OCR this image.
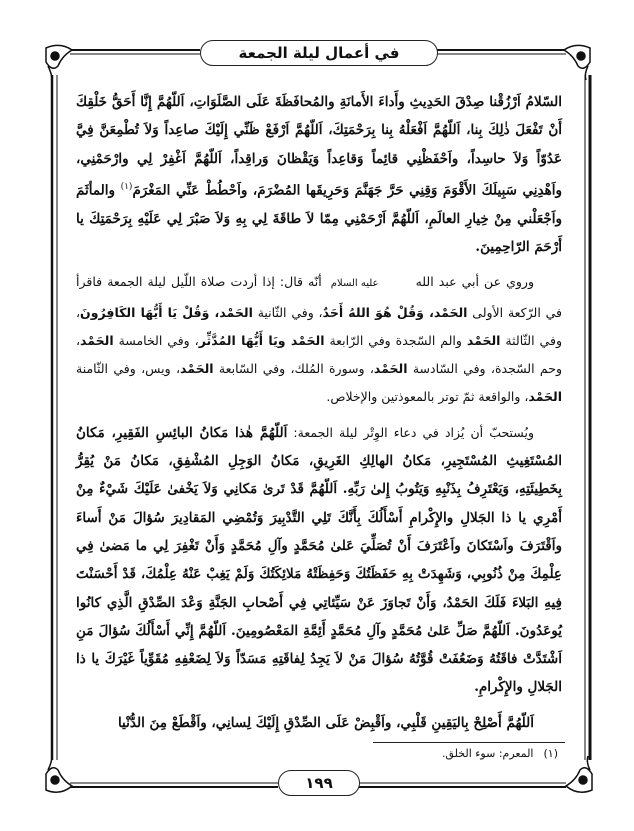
في أعمال ليلة الجمعة

السّلامُ اَرْزُقْنا صِدْقَ الحَدِيثِ وأَداءَ الأَمانَةِ والمُحافَظَةَ عَلَى الصَّلَوَاتِ، اَللّهُمَّ إِنَّا أَحَقُّ خَلْقِكَ أَنْ تَفْعَلَ ذٰلِكَ بِنا، اَللّهُمَّ اَفْعَلْهُ بِنا بِرَحْمَتِكَ، اَللّهُمَّ اَرْفَعْ ظَنِّي إِلَيْكَ صاعِداً وَلاَ تُطْمِعَنَّ فِيَّ عَدُوّاً وَلاَ حاسِداً، واَحْفَظْنِي قائِماً وَقاعِداً وَيَقْظانَ وَراقِداً، اَللّهُمَّ اَغْفِرْ لِي وارْحَمْنِي، واَهْدِنِي سَبِيلَكَ الأَقْوَمَ وَقِنِي حَرَّ جَهَنَّمَ وَحَرِيقَها المُضْرَمَ، واَحْطُطْ عَنِّي المَغْرَمَ$^{(١)}$ والمأثَمَ واَجْعَلْني مِنْ خِيارِ العالَمِ، اَللّهُمَّ اَرْحَمْنِي مِمّا لاَ طاقَةَ لِي بِهِ وَلاَ صَبْرَ لِي عَلَيْهِ بِرَحْمَتِكَ يا أَرْحَمَ الرّاحِمِينَ.

وروي عن أبي عبد الله عليه السلام أنّه قال: إذا أردت صلاة اللّيل ليلة الجمعة فاقرأ في الرّكعة الأولى الحَمْد، وَقُلْ هُوَ اللهُ أَحَدٌ، وفي الثّانية الحَمْد، وَقُلْ يَا أَيُّهَا الكَافِرُونَ، وفي الثّالثة الحَمْد والم السّجدة وفي الرّابعة الحَمْد ويَا أَيُّهَا المُدَّثِّر، وفي الخامسة الحَمْد، وحم السّجدة، وفي السّادسة الحَمْد، وسورة المُلك، وفي السّابعة الحَمْد، ويس، وفي الثّامنة الحَمْد، والواقعة ثمّ توتر بالمعوذتين والإخلاص.

ويُستحبّ أن يُزاد في دعاء الوِتْر ليلة الجمعة: اَللّهُمَّ هٰذا مَكانُ البائِسِ الفَقِيرِ، مَكانُ المُسْتَغِيثِ المُسْتَجِيرِ، مَكانُ الهالِكِ الغَرِيقِ، مَكانُ الوَجِلِ المُشْفِقِ، مَكانُ مَنْ يُقِرُّ بِخَطِيئَتِهِ، وَيَعْتَرِفُ بِذَنْبِهِ وَيَتُوبُ إِلىٰ رَبِّهِ. اَللّهُمَّ قَدْ تَرىٰ مَكانِي وَلاَ يَخْفىٰ عَلَيْكَ شَيْءٌ مِنْ أَمْرِي يا ذا الجَلالِ والإِكْرامِ أَسْأَلُكَ بِأَنَّكَ تَلِي التَّدْبِيرَ وَتُمْضِي المَقادِيرَ سُؤالَ مَنْ أَساءَ واَقْتَرَفَ واَسْتَكانَ واَعْتَرَفَ أَنْ تُصَلِّيَ عَلىٰ مُحَمَّدٍ وآلِ مُحَمَّدٍ وَأَنْ تَغْفِرَ لِي ما مَضىٰ فِي عِلْمِكَ مِنْ ذُنُوبِي، وَشَهِدَتْ بِهِ حَفَظَتُكَ وَحَفِظَتْهُ مَلائِكَتُكَ وَلَمْ يَغِبْ عَنْهُ عِلْمُكَ، قَدْ أَحْسَنْتَ فِيهِ البَلاءَ فَلَكَ الحَمْدُ، وَأَنْ تَجاوَزَ عَنْ سَيِّئاتِي فِي أَصْحابِ الجَنَّةِ وَعْدَ الصِّدْقِ الَّذِي كانُوا يُوعَدُونَ. اَللّهُمَّ صَلِّ عَلىٰ مُحَمَّدٍ وآلِ مُحَمَّدٍ أَئِمَّةِ المَعْصُومِينَ. اَللّهُمَّ إِنِّي أَسْأَلُكَ سُؤالَ مَنِ اَشْتَدَّتْ فاقَتُهُ وَضَعُفَتْ قُوَّتُهُ سُؤالَ مَنْ لاَ يَجِدُ لِفاقَتِهِ مَسَدّاً وَلاَ لِضَعْفِهِ مُقَوِّياً غَيْرَكَ يا ذا الجَلالِ والإِكْرامِ.

اَللّهُمَّ أَصْلِحْ بِاليَقِينِ قَلْبِي، واَقْبِضْ عَلَى الصِّدْقِ إِلَيْكَ لِسانِي، واَقْطَعْ مِنَ الدُّنْيا

(١)المعرم: سوء الخلق.
١٩٩
